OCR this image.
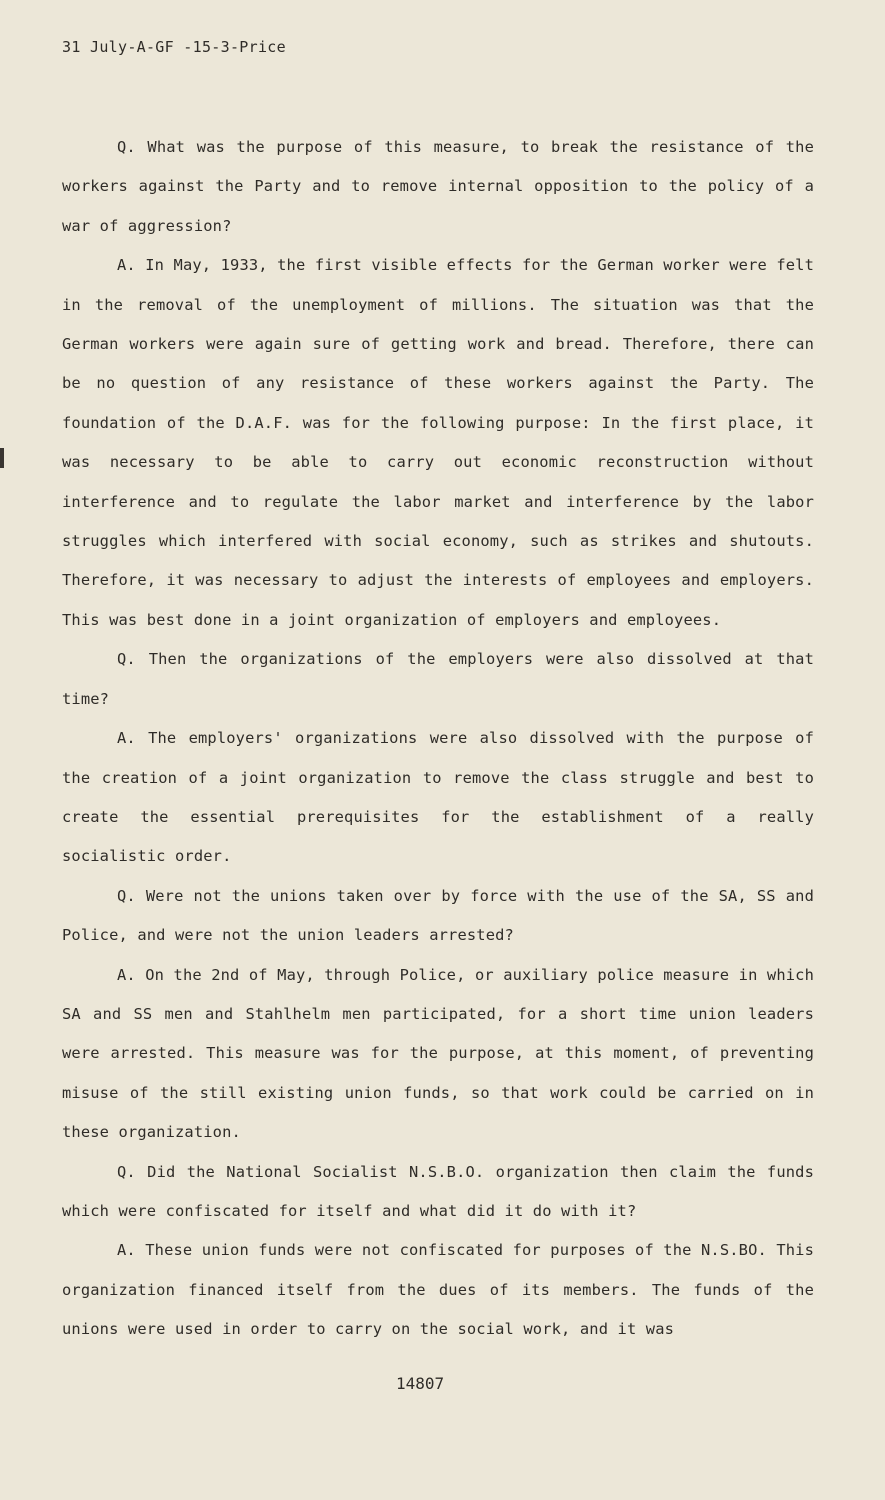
31 July-A-GF -15-3-Price

Q. What was the purpose of this measure, to break the resistance of the workers against the Party and to remove internal opposition to the policy of a war of aggression?

A. In May, 1933, the first visible effects for the German worker were felt in the removal of the unemployment of millions. The situation was that the German workers were again sure of getting work and bread. Therefore, there can be no question of any resistance of these workers against the Party. The foundation of the D.A.F. was for the following purpose: In the first place, it was necessary to be able to carry out economic reconstruction without interference and to regulate the labor market and interference by the labor struggles which interfered with social economy, such as strikes and shutouts. Therefore, it was necessary to adjust the interests of employees and employers. This was best done in a joint organization of employers and employees.

Q. Then the organizations of the employers were also dissolved at that time?

A. The employers' organizations were also dissolved with the purpose of the creation of a joint organization to remove the class struggle and best to create the essential prerequisites for the establishment of a really socialistic order.

Q. Were not the unions taken over by force with the use of the SA, SS and Police, and were not the union leaders arrested?

A. On the 2nd of May, through Police, or auxiliary police measure in which SA and SS men and Stahlhelm men participated, for a short time union leaders were arrested. This measure was for the purpose, at this moment, of preventing misuse of the still existing union funds, so that work could be carried on in these organization.

Q. Did the National Socialist N.S.B.O. organization then claim the funds which were confiscated for itself and what did it do with it?

A. These union funds were not confiscated for purposes of the N.S.BO. This organization financed itself from the dues of its members. The funds of the unions were used in order to carry on the social work, and it was

14807
